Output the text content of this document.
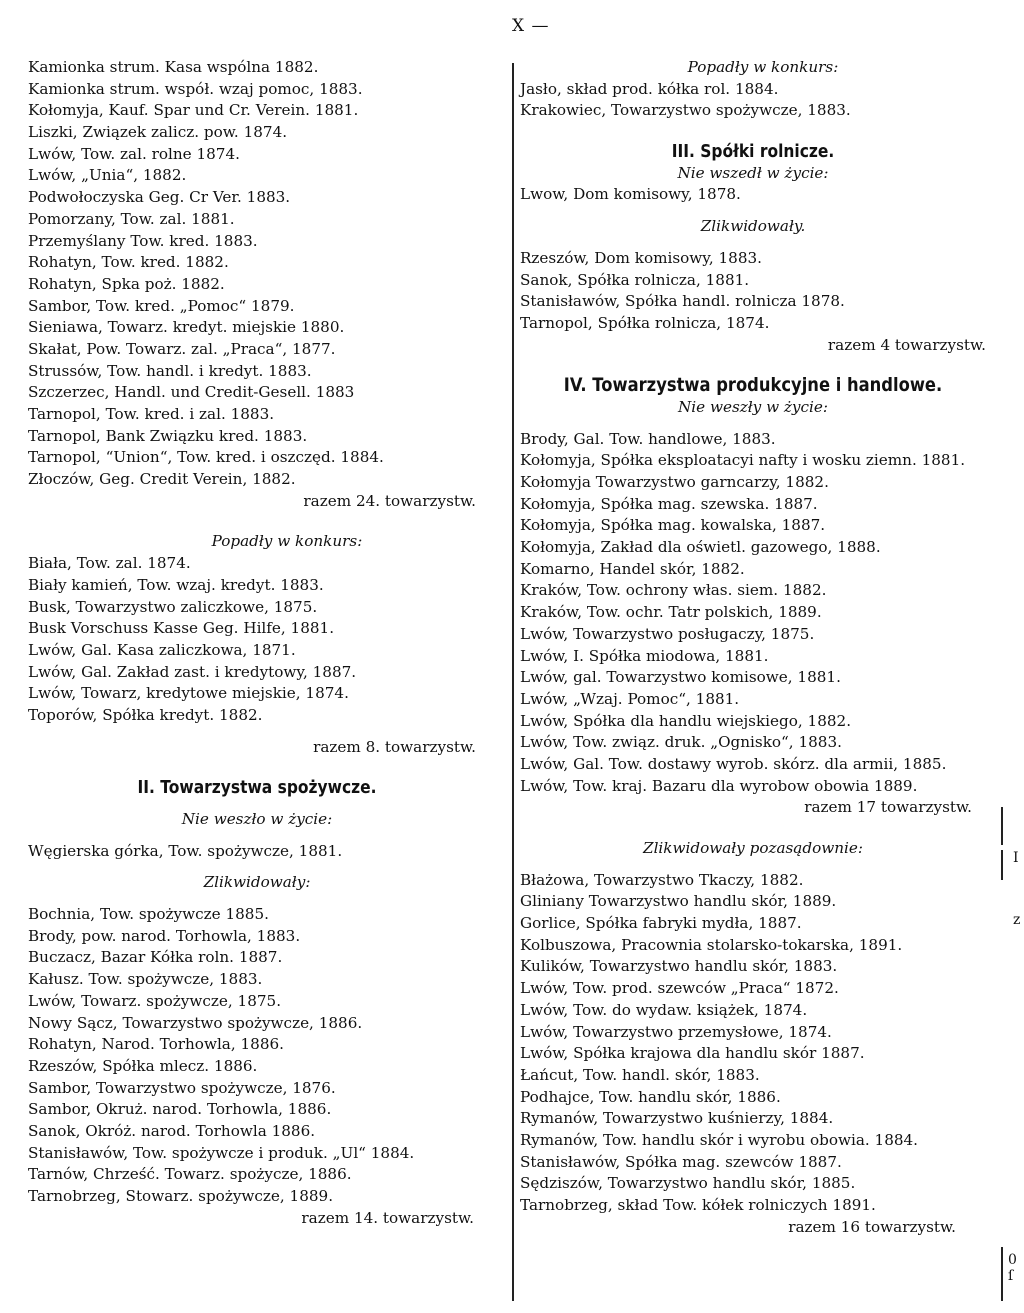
X —
Kamionka strum. Kasa wspólna 1882.
Kamionka strum. współ. wzaj pomoc, 1883.
Kołomyja, Kauf. Spar und Cr. Verein. 1881.
Liszki, Związek zalicz. pow. 1874.
Lwów, Tow. zal. rolne 1874.
Lwów, „Unia“, 1882.
Podwołoczyska Geg. Cr Ver. 1883.
Pomorzany, Tow. zal. 1881.
Przemyślany Tow. kred. 1883.
Rohatyn, Tow. kred. 1882.
Rohatyn, Spka poż. 1882.
Sambor, Tow. kred. „Pomoc“ 1879.
Sieniawa, Towarz. kredyt. miejskie 1880.
Skałat, Pow. Towarz. zal. „Praca“, 1877.
Strussów, Tow. handl. i kredyt. 1883.
Szczerzec, Handl. und Credit-Gesell. 1883
Tarnopol, Tow. kred. i zal. 1883.
Tarnopol, Bank Związku kred. 1883.
Tarnopol, “Union“, Tow. kred. i oszczęd. 1884.
Złoczów, Geg. Credit Verein, 1882.
razem 24. towarzystw.
Popadły w konkurs:
Biała, Tow. zal. 1874.
Biały kamień, Tow. wzaj. kredyt. 1883.
Busk, Towarzystwo zaliczkowe, 1875.
Busk Vorschuss Kasse Geg. Hilfe, 1881.
Lwów, Gal. Kasa zaliczkowa, 1871.
Lwów, Gal. Zakład zast. i kredytowy, 1887.
Lwów, Towarz, kredytowe miejskie, 1874.
Toporów, Spółka kredyt. 1882.
razem 8. towarzystw.
II. Towarzystwa spożywcze.
Nie weszło w życie:
Węgierska górka, Tow. spożywcze, 1881.
Zlikwidowały:
Bochnia, Tow. spożywcze 1885.
Brody, pow. narod. Torhowla, 1883.
Buczacz, Bazar Kółka roln. 1887.
Kałusz. Tow. spożywcze, 1883.
Lwów, Towarz. spożywcze, 1875.
Nowy Sącz, Towarzystwo spożywcze, 1886.
Rohatyn, Narod. Torhowla, 1886.
Rzeszów, Spółka mlecz. 1886.
Sambor, Towarzystwo spożywcze, 1876.
Sambor, Okruż. narod. Torhowla, 1886.
Sanok, Okróż. narod. Torhowla 1886.
Stanisławów, Tow. spożywcze i produk. „Ul“ 1884.
Tarnów, Chrześć. Towarz. spożycze, 1886.
Tarnobrzeg, Stowarz. spożywcze, 1889.
razem 14. towarzystw.
Popadły w konkurs:
Jasło, skład prod. kółka rol. 1884.
Krakowiec, Towarzystwo spożywcze, 1883.
III. Spółki rolnicze.
Nie wszedł w życie:
Lwow, Dom komisowy, 1878.
Zlikwidowały.
Rzeszów, Dom komisowy, 1883.
Sanok, Spółka rolnicza, 1881.
Stanisławów, Spółka handl. rolnicza 1878.
Tarnopol, Spółka rolnicza, 1874.
razem 4 towarzystw.
IV. Towarzystwa produkcyjne i handlowe.
Nie weszły w życie:
Brody, Gal. Tow. handlowe, 1883.
Kołomyja, Spółka eksploatacyi nafty i wosku ziemn. 1881.
Kołomyja Towarzystwo garncarzy, 1882.
Kołomyja, Spółka mag. szewska. 1887.
Kołomyja, Spółka mag. kowalska, 1887.
Kołomyja, Zakład dla oświetl. gazowego, 1888.
Komarno, Handel skór, 1882.
Kraków, Tow. ochrony włas. siem. 1882.
Kraków, Tow. ochr. Tatr polskich, 1889.
Lwów, Towarzystwo posługaczy, 1875.
Lwów, I. Spółka miodowa, 1881.
Lwów, gal. Towarzystwo komisowe, 1881.
Lwów, „Wzaj. Pomoc“, 1881.
Lwów, Spółka dla handlu wiejskiego, 1882.
Lwów, Tow. związ. druk. „Ognisko“, 1883.
Lwów, Gal. Tow. dostawy wyrob. skórz. dla armii, 1885.
Lwów, Tow. kraj. Bazaru dla wyrobow obowia 1889.
razem 17 towarzystw.
Zlikwidowały pozasądownie:
Błażowa, Towarzystwo Tkaczy, 1882.
Gliniany Towarzystwo handlu skór, 1889.
Gorlice, Spółka fabryki mydła, 1887.
Kolbuszowa, Pracownia stolarsko-tokarska, 1891.
Kulików, Towarzystwo handlu skór, 1883.
Lwów, Tow. prod. szewców „Praca“ 1872.
Lwów, Tow. do wydaw. książek, 1874.
Lwów, Towarzystwo przemysłowe, 1874.
Lwów, Spółka krajowa dla handlu skór 1887.
Łańcut, Tow. handl. skór, 1883.
Podhajce, Tow. handlu skór, 1886.
Rymanów, Towarzystwo kuśnierzy, 1884.
Rymanów, Tow. handlu skór i wyrobu obowia. 1884.
Stanisławów, Spółka mag. szewców 1887.
Sędziszów, Towarzystwo handlu skór, 1885.
Tarnobrzeg, skład Tow. kółek rolniczych 1891.
razem 16 towarzystw.
I
z
0 ſ
